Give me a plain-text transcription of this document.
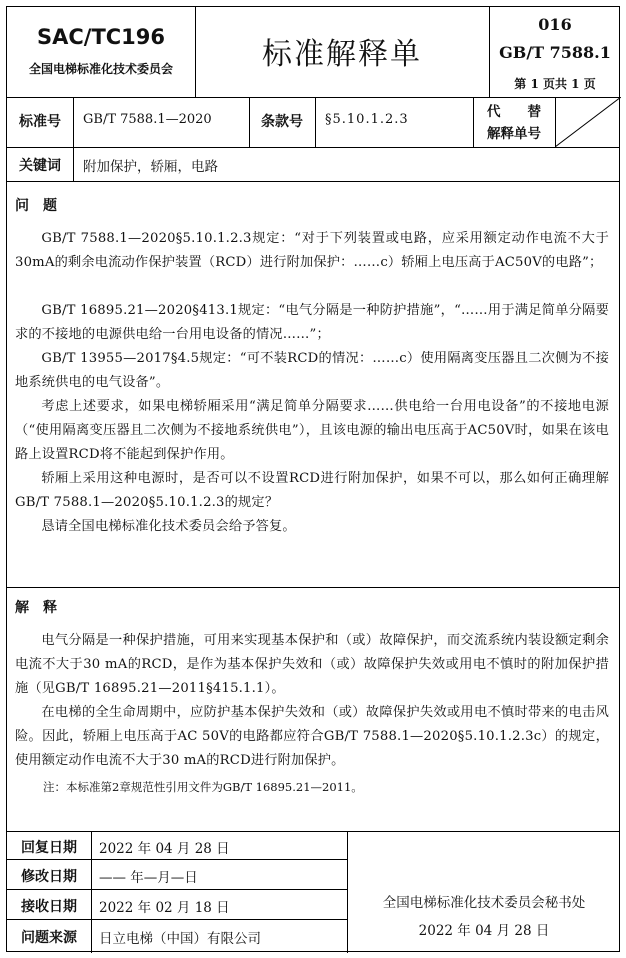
SAC/TC196
全国电梯标准化技术委员会	标准解释单
016
GB/T 7588.1
第 1 页共 1 页
标准号	GB/T 7588.1—2020	条款号	§5.10.1.2.3	代　　替
解释单号
关键词	附加保护，轿厢，电路
问　题
GB/T 7588.1—2020§5.10.1.2.3规定：“对于下列装置或电路，应采用额定动作电流不大于30mA的剩余电流动作保护装置（RCD）进行附加保护：……c）轿厢上电压高于AC50V的电路”；
GB/T 16895.21—2020§413.1规定：“电气分隔是一种防护措施”，“……用于满足简单分隔要求的不接地的电源供电给一台用电设备的情况……”；
GB/T 13955—2017§4.5规定：“可不装RCD的情况：……c）使用隔离变压器且二次侧为不接地系统供电的电气设备”。
考虑上述要求，如果电梯轿厢采用“满足简单分隔要求……供电给一台用电设备”的不接地电源（“使用隔离变压器且二次侧为不接地系统供电”），且该电源的输出电压高于AC50V时，如果在该电路上设置RCD将不能起到保护作用。
轿厢上采用这种电源时，是否可以不设置RCD进行附加保护，如果不可以，那么如何正确理解GB/T 7588.1—2020§5.10.1.2.3的规定？
恳请全国电梯标准化技术委员会给予答复。
解　释
电气分隔是一种保护措施，可用来实现基本保护和（或）故障保护，而交流系统内装设额定剩余电流不大于30 mA的RCD，是作为基本保护失效和（或）故障保护失效或用电不慎时的附加保护措施（见GB/T 16895.21—2011§415.1.1）。
在电梯的全生命周期中，应防护基本保护失效和（或）故障保护失效或用电不慎时带来的电击风险。因此，轿厢上电压高于AC 50V的电路都应符合GB/T 7588.1—2020§5.10.1.2.3c）的规定，使用额定动作电流不大于30 mA的RCD进行附加保护。
注：本标准第2章规范性引用文件为GB/T 16895.21—2011。
回复日期	2022 年 04 月 28 日
修改日期	—— 年—月—日
接收日期	2022 年 02 月 18 日
问题来源	日立电梯（中国）有限公司
全国电梯标准化技术委员会秘书处
2022 年 04 月 28 日
